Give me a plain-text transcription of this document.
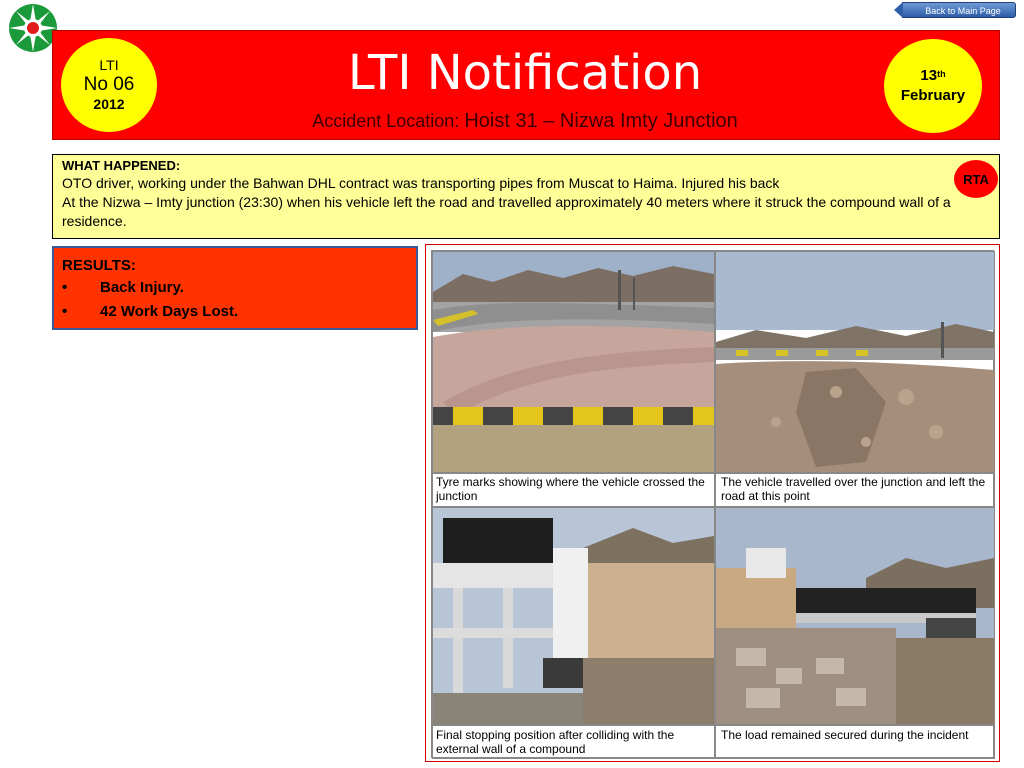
Back to Main Page
LTI
No 06
2012
LTI Notification
Accident Location: Hoist 31 – Nizwa Imty Junction
13th
February
WHAT HAPPENED:
OTO driver, working under the Bahwan DHL contract was transporting pipes from Muscat to Haima. Injured his back
At the Nizwa – Imty junction (23:30) when his vehicle left the road and travelled approximately 40 meters where it struck the compound wall of a residence.
RTA
RESULTS:
• Back Injury.
• 42 Work Days Lost.
Tyre marks showing where the vehicle crossed the junction
The vehicle travelled over the junction and left the road at this point
Final stopping position after colliding with the external wall of a compound
The load remained secured during the incident
